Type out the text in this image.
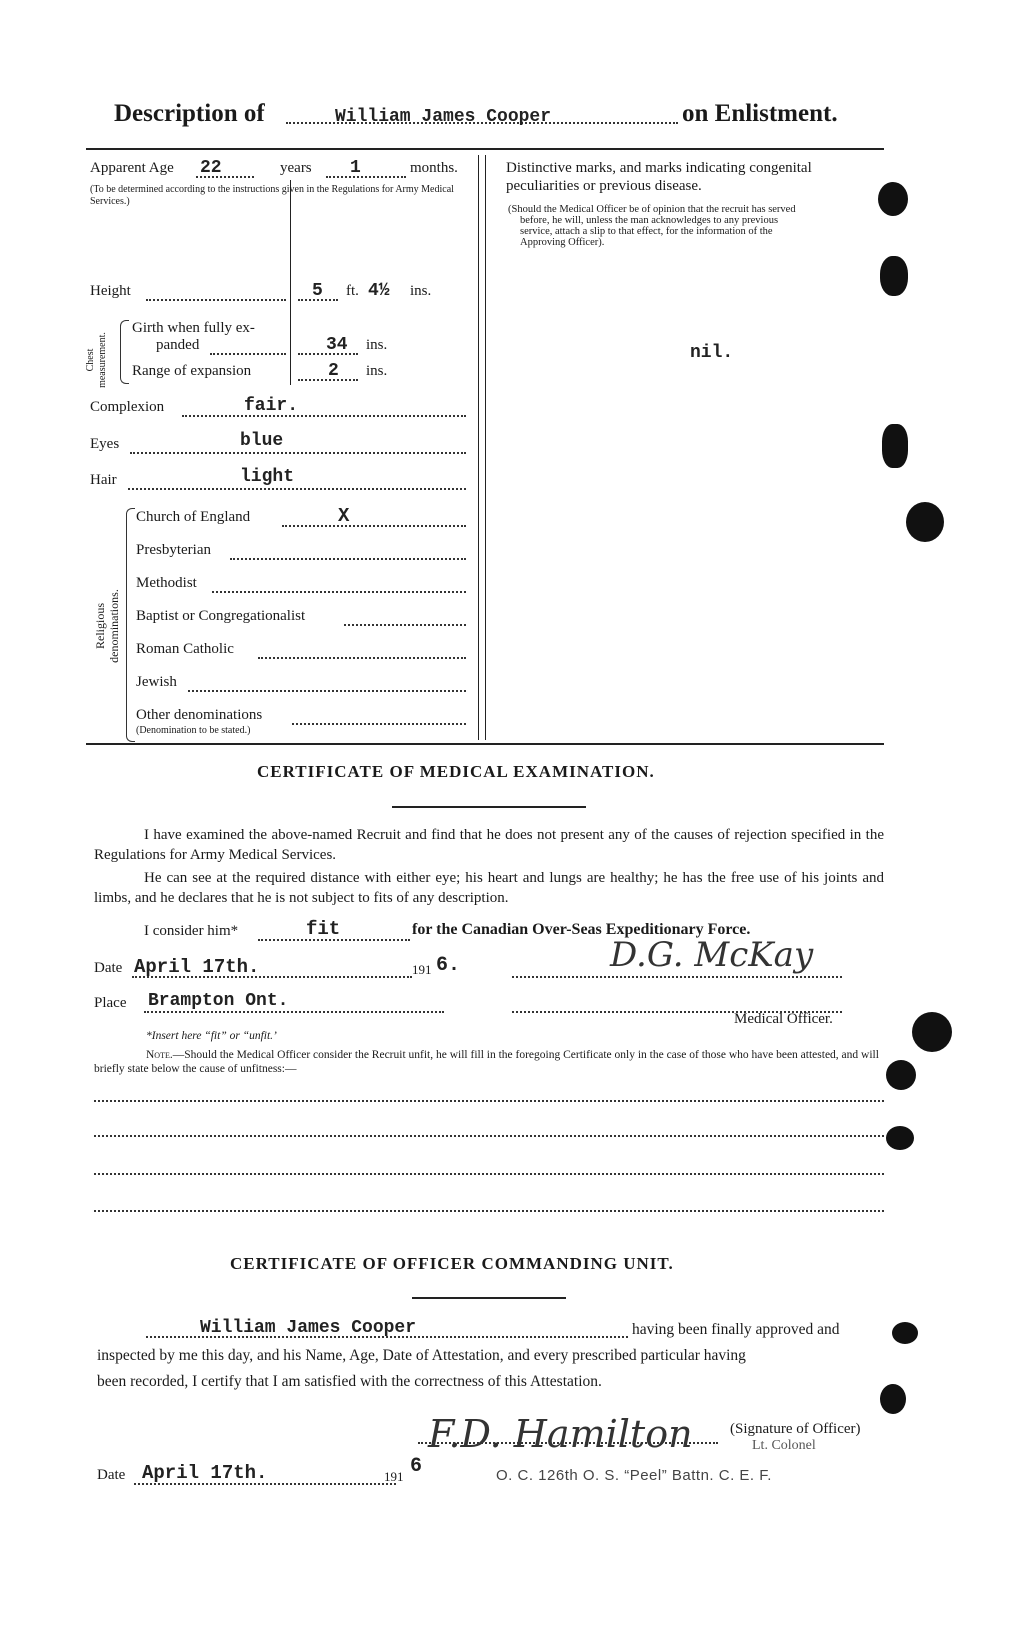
Description of	William James Cooper	on Enlistment.
Apparent Age 22	years 1	months.
(To be determined according to the instructions given in the Regulations for Army Medical Services.)
Height	5 ft. 4½ ins.
Chest measurement.
Girth when fully ex-
panded	34 ins.
Range of expansion	2 ins.
Complexion	fair.
Eyes	blue
Hair	light
Religious
denominations.
Church of England	X
Presbyterian
Methodist
Baptist or Congregationalist
Roman Catholic
Jewish
Other denominations
(Denomination to be stated.)
Distinctive marks, and marks indicating congenital
peculiarities or previous disease.
(Should the Medical Officer be of opinion that the recruit has served
before, he will, unless the man acknowledges to any previous
service, attach a slip to that effect, for the information of the
Approving Officer).
nil.
CERTIFICATE OF MEDICAL EXAMINATION.
I have examined the above-named Recruit and find that he does not present any of the causes of rejection specified in the Regulations for Army Medical Services.
He can see at the required distance with either eye; his heart and lungs are healthy; he has the free use of his joints and limbs, and he declares that he is not subject to fits of any description.
I consider him*	fit	for the Canadian Over-Seas Expeditionary Force.
Date April 17th.	191 6.	D.G. McKay
Place Brampton Ont.
Medical Officer.
*Insert here “fit” or “unfit.’
Note.—Should the Medical Officer consider the Recruit unfit, he will fill in the foregoing Certificate only in the case of those who have been attested, and will briefly state below the cause of unfitness:—
CERTIFICATE OF OFFICER COMMANDING UNIT.
William James Cooper	having been finally approved and
inspected by me this day, and his Name, Age, Date of Attestation, and every prescribed particular having
been recorded, I certify that I am satisfied with the correctness of this Attestation.
F.D. Hamilton (Signature of Officer)
Lt. Colonel
Date April 17th.	191 6	O. C. 126th O. S. “Peel” Battn. C. E. F.
